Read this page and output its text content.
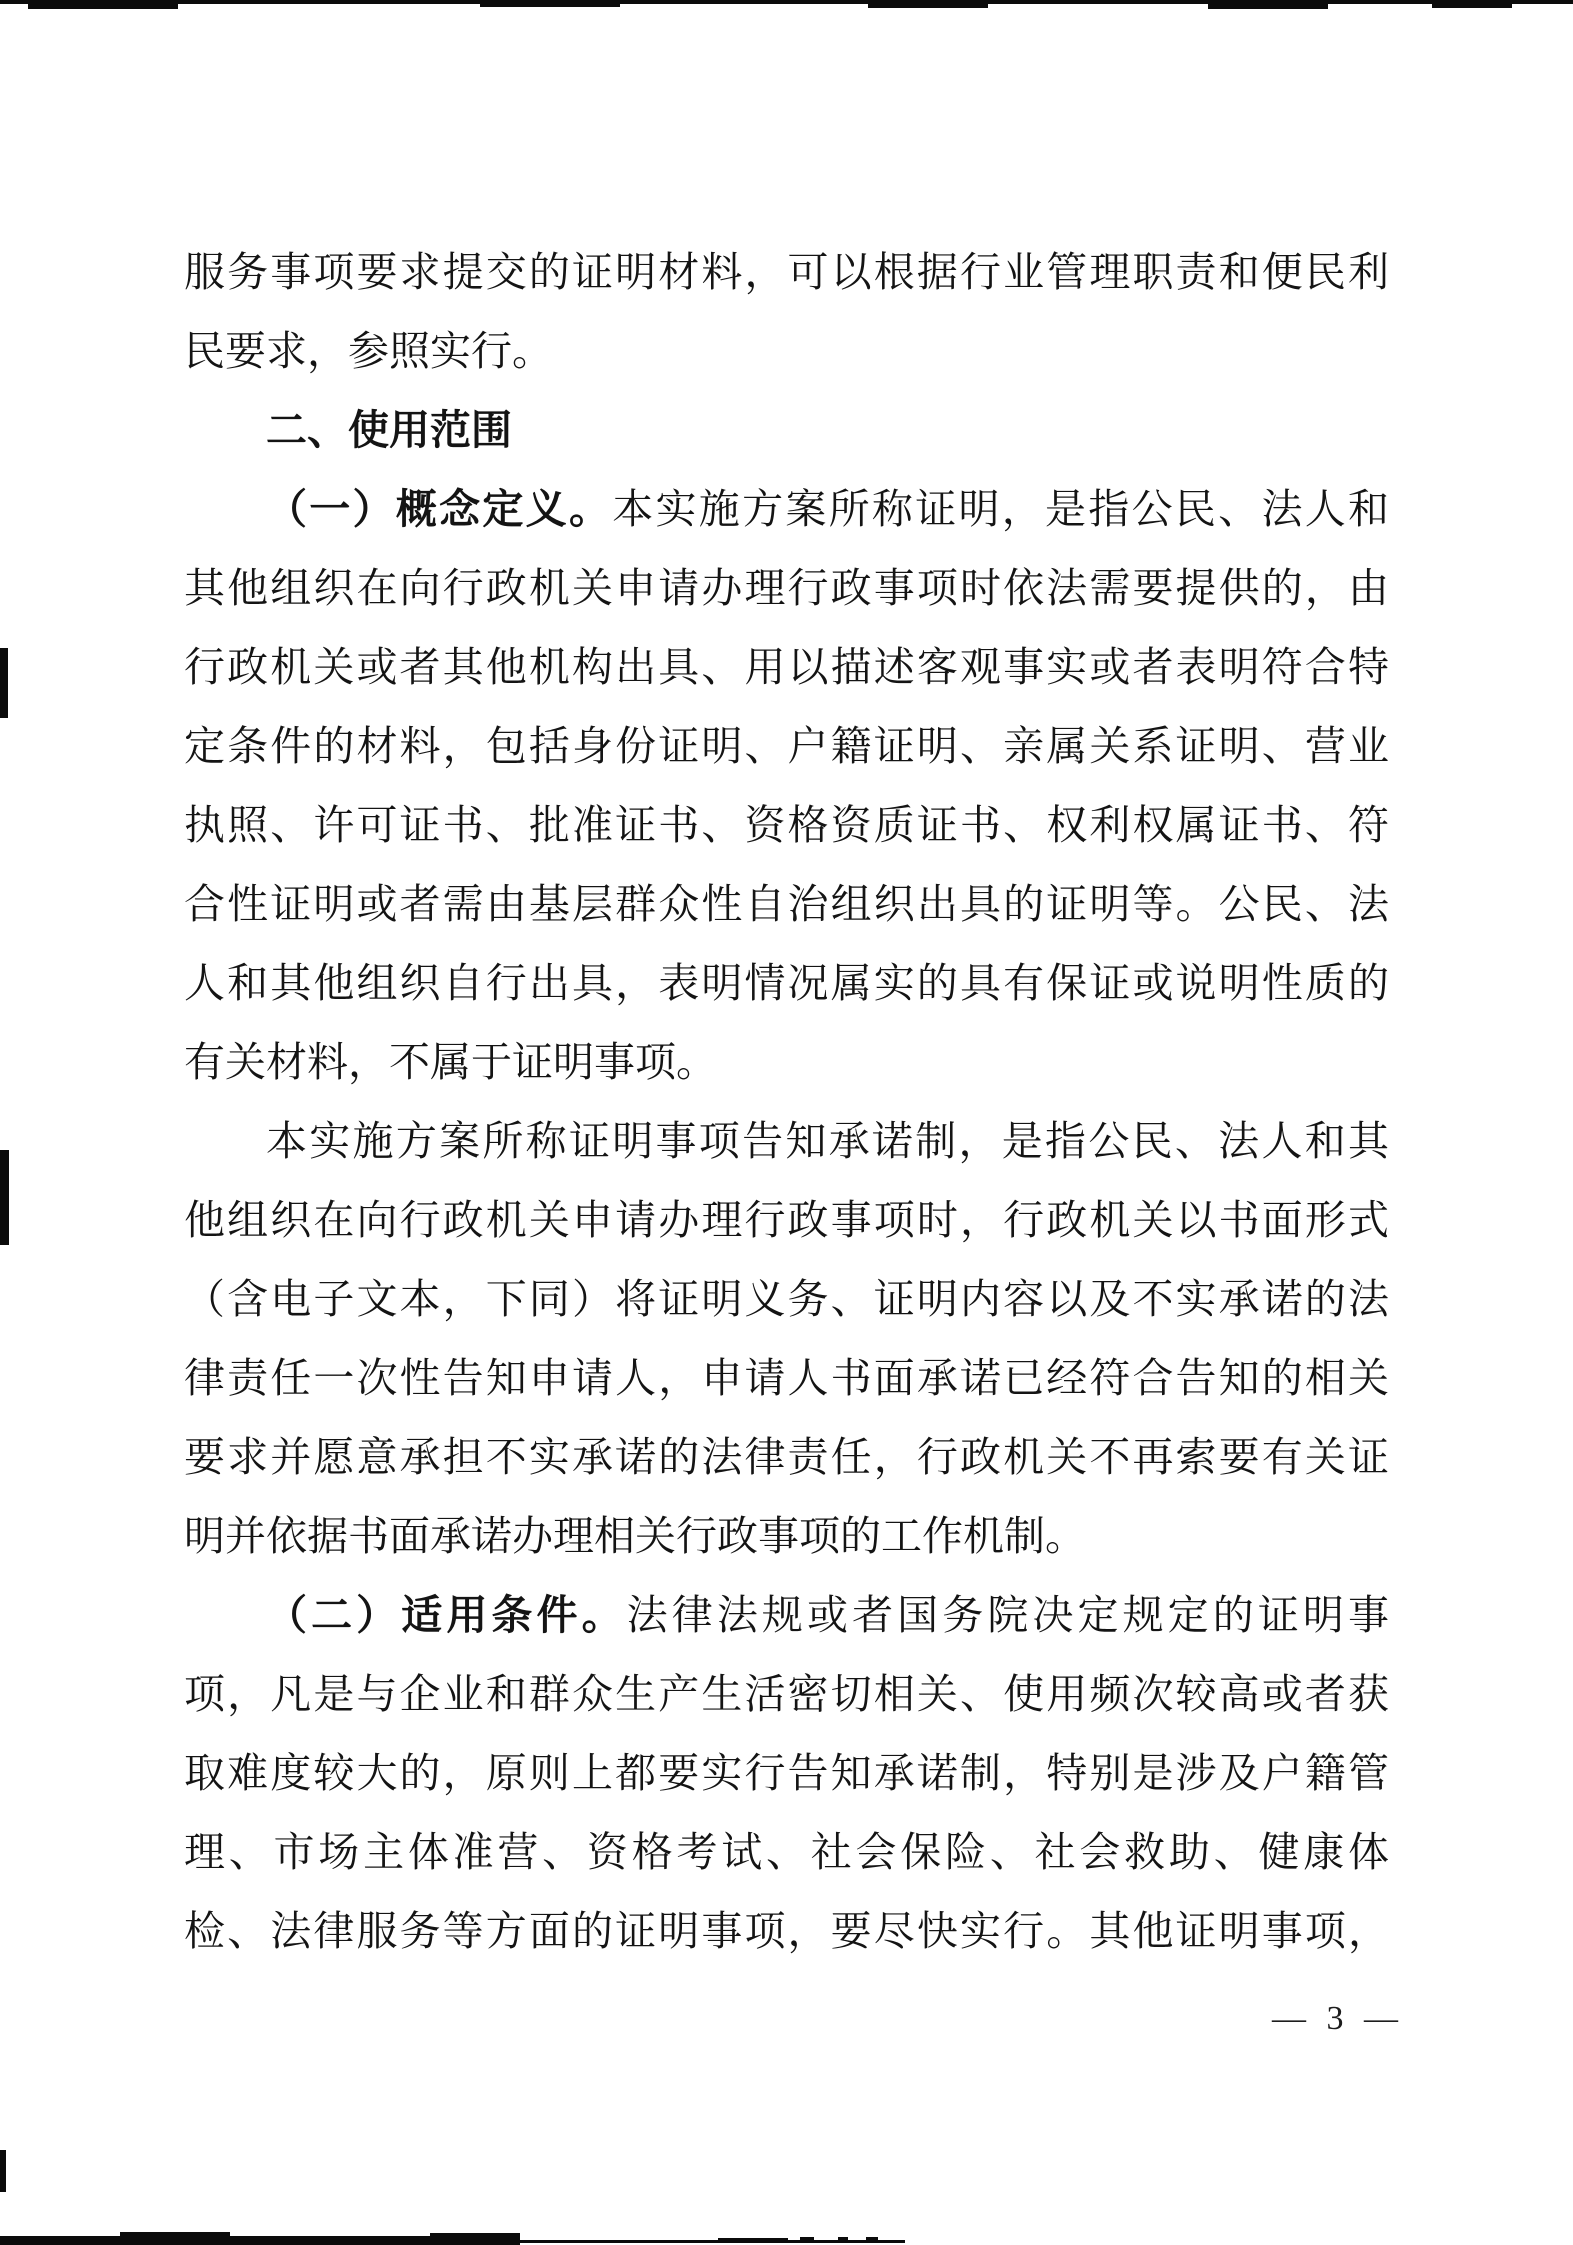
服务事项要求提交的证明材料，可以根据行业管理职责和便民利
民要求，参照实行。
二、使用范围
（一）概念定义。本实施方案所称证明，是指公民、法人和
其他组织在向行政机关申请办理行政事项时依法需要提供的，由
行政机关或者其他机构出具、用以描述客观事实或者表明符合特
定条件的材料，包括身份证明、户籍证明、亲属关系证明、营业
执照、许可证书、批准证书、资格资质证书、权利权属证书、符
合性证明或者需由基层群众性自治组织出具的证明等。公民、法
人和其他组织自行出具，表明情况属实的具有保证或说明性质的
有关材料，不属于证明事项。
本实施方案所称证明事项告知承诺制，是指公民、法人和其
他组织在向行政机关申请办理行政事项时，行政机关以书面形式
（含电子文本，下同）将证明义务、证明内容以及不实承诺的法
律责任一次性告知申请人，申请人书面承诺已经符合告知的相关
要求并愿意承担不实承诺的法律责任，行政机关不再索要有关证
明并依据书面承诺办理相关行政事项的工作机制。
（二）适用条件。法律法规或者国务院决定规定的证明事
项，凡是与企业和群众生产生活密切相关、使用频次较高或者获
取难度较大的，原则上都要实行告知承诺制，特别是涉及户籍管
理、市场主体准营、资格考试、社会保险、社会救助、健康体
检、法律服务等方面的证明事项，要尽快实行。其他证明事项，
— 3 —
